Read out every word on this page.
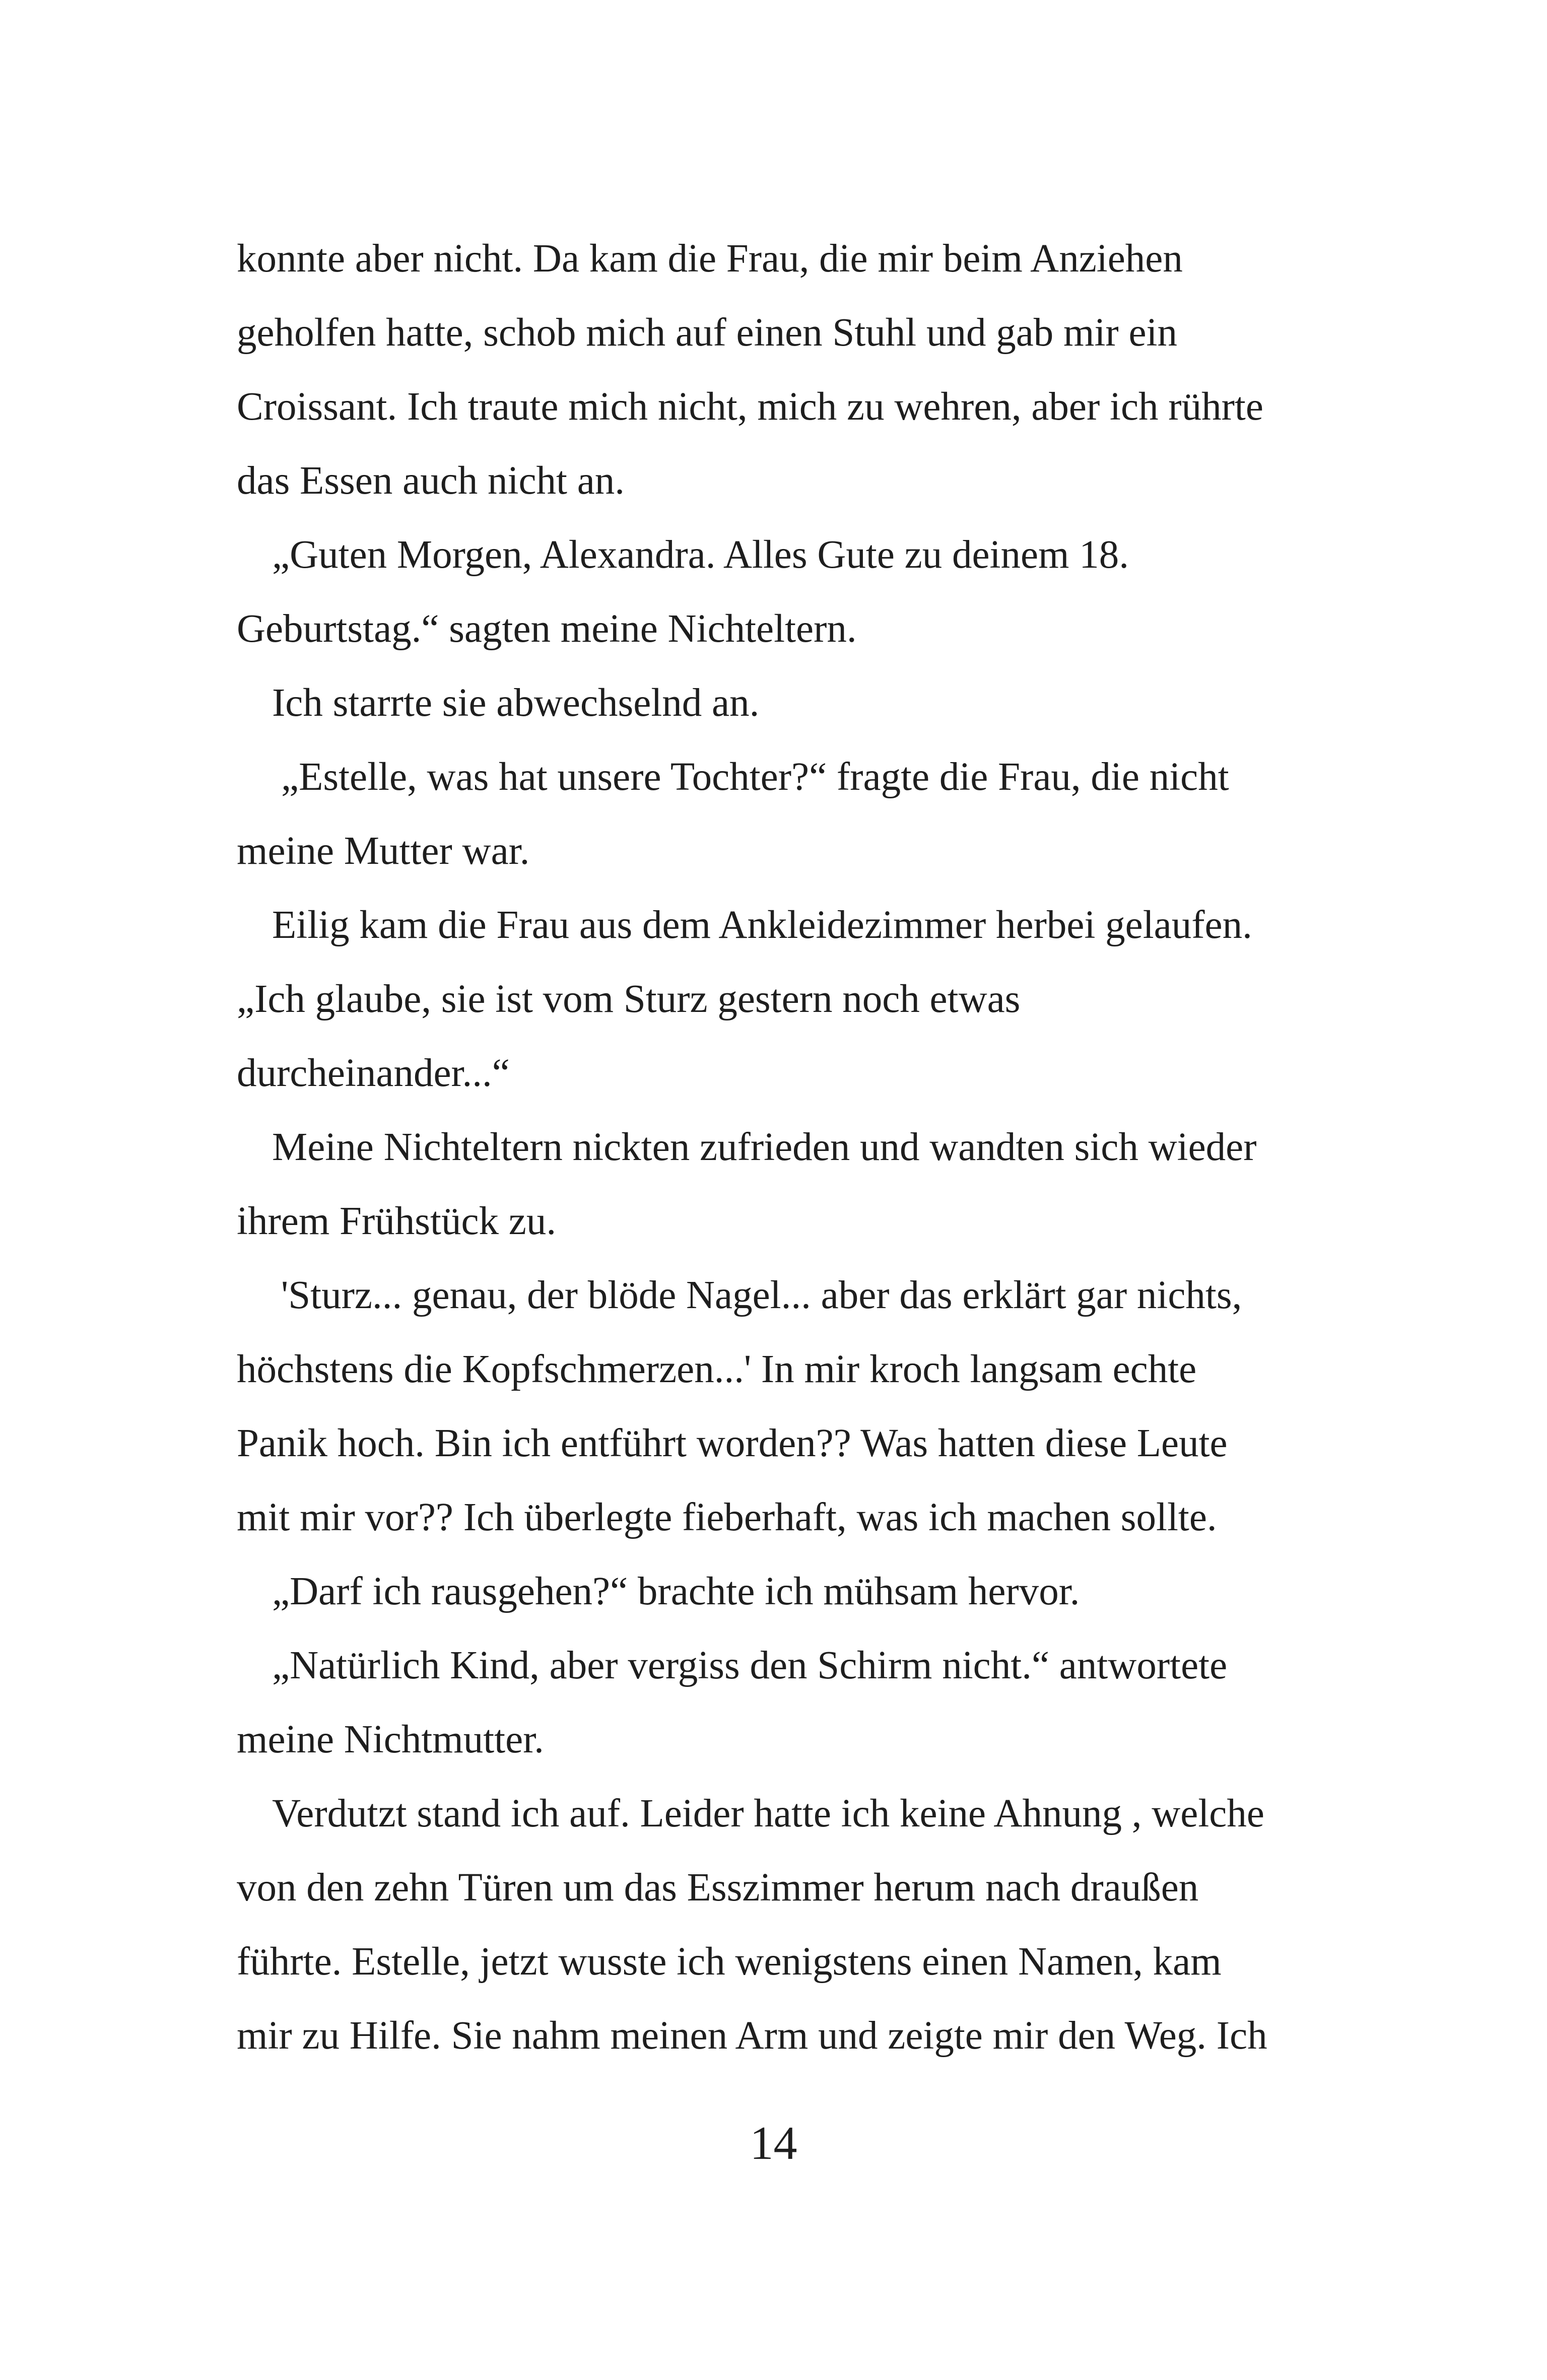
konnte aber nicht. Da kam die Frau, die mir beim Anziehen
geholfen hatte, schob mich auf einen Stuhl und gab mir ein
Croissant. Ich traute mich nicht, mich zu wehren, aber ich rührte
das Essen auch nicht an.
„Guten Morgen, Alexandra. Alles Gute zu deinem 18.
Geburtstag.“ sagten meine Nichteltern.
Ich starrte sie abwechselnd an.
„Estelle, was hat unsere Tochter?“ fragte die Frau, die nicht
meine Mutter war.
Eilig kam die Frau aus dem Ankleidezimmer herbei gelaufen.
„Ich glaube, sie ist vom Sturz gestern noch etwas
durcheinander...“
Meine Nichteltern nickten zufrieden und wandten sich wieder
ihrem Frühstück zu.
'Sturz... genau, der blöde Nagel... aber das erklärt gar nichts,
höchstens die Kopfschmerzen...' In mir kroch langsam echte
Panik hoch. Bin ich entführt worden?? Was hatten diese Leute
mit mir vor?? Ich überlegte fieberhaft, was ich machen sollte.
„Darf ich rausgehen?“ brachte ich mühsam hervor.
„Natürlich Kind, aber vergiss den Schirm nicht.“ antwortete
meine Nichtmutter.
Verdutzt stand ich auf. Leider hatte ich keine Ahnung , welche
von den zehn Türen um das Esszimmer herum nach draußen
führte. Estelle, jetzt wusste ich wenigstens einen Namen, kam
mir zu Hilfe. Sie nahm meinen Arm und zeigte mir den Weg. Ich
14
